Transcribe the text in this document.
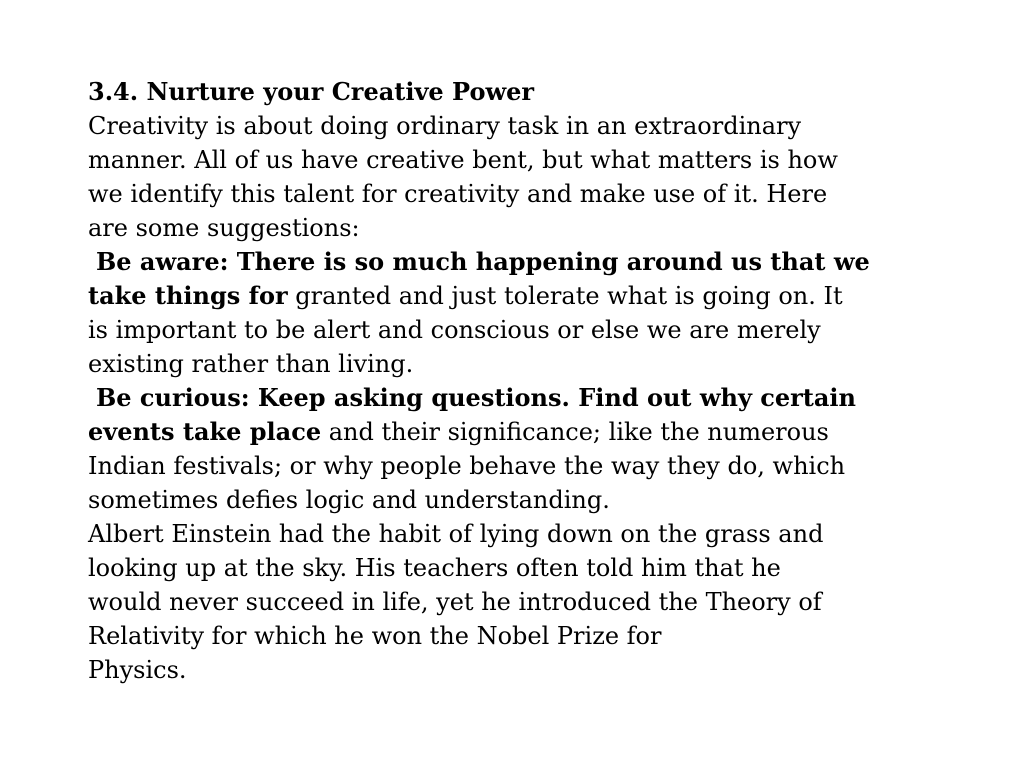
3.4. Nurture your Creative Power
Creativity is about doing ordinary task in an extraordinary
manner. All of us have creative bent, but what matters is how
we identify this talent for creativity and make use of it. Here
are some suggestions:
Be aware: There is so much happening around us that we
take things for granted and just tolerate what is going on. It
is important to be alert and conscious or else we are merely
existing rather than living.
Be curious: Keep asking questions. Find out why certain
events take place and their significance; like the numerous
Indian festivals; or why people behave the way they do, which
sometimes defies logic and understanding.
Albert Einstein had the habit of lying down on the grass and
looking up at the sky. His teachers often told him that he
would never succeed in life, yet he introduced the Theory of
Relativity for which he won the Nobel Prize for
Physics.
